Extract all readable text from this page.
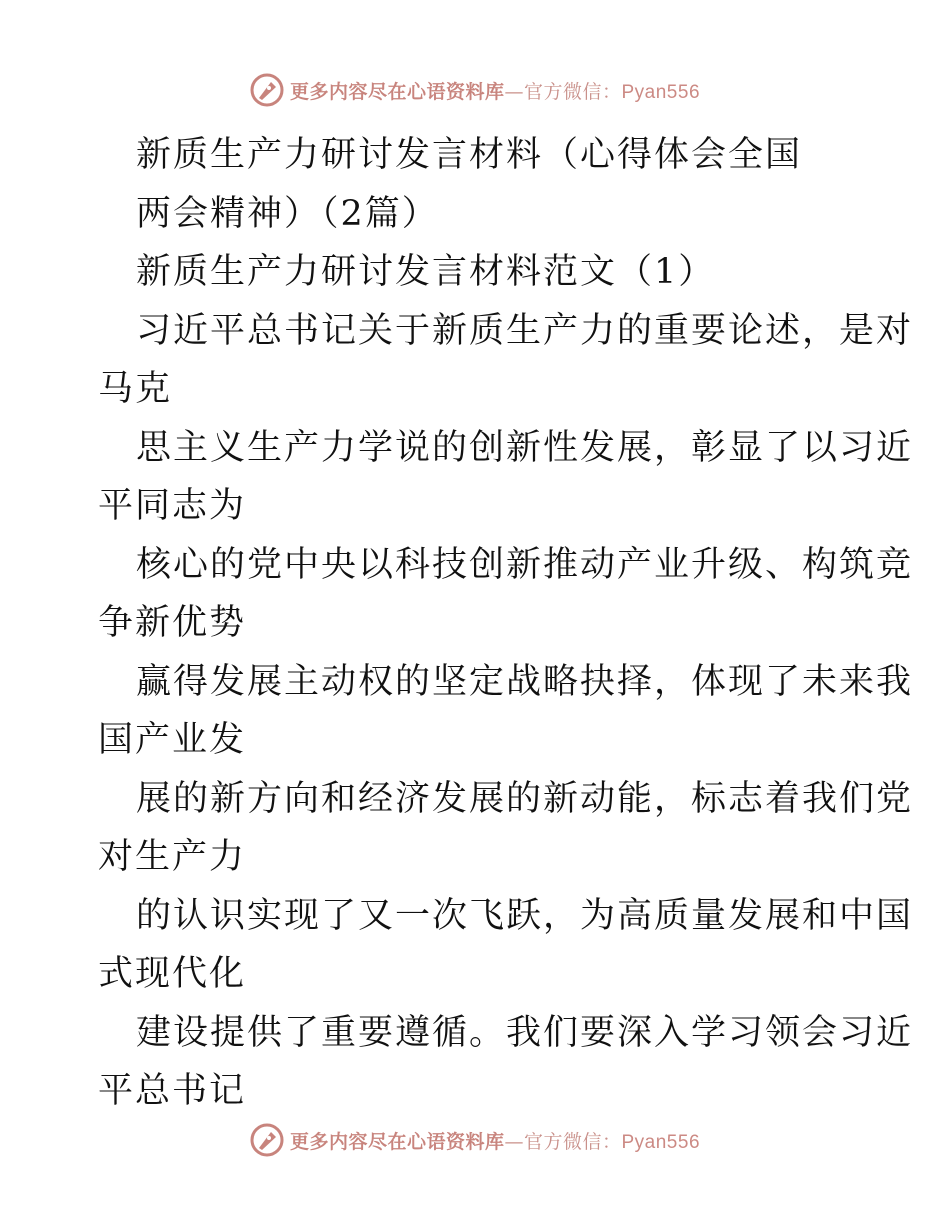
更多内容尽在心语资料库—官方微信：Pyan556
新质生产力研讨发言材料（心得体会全国
两会精神）（2篇）
新质生产力研讨发言材料范文（1）
习近平总书记关于新质生产力的重要论述，是对
马克
思主义生产力学说的创新性发展，彰显了以习近
平同志为
核心的党中央以科技创新推动产业升级、构筑竞
争新优势
赢得发展主动权的坚定战略抉择，体现了未来我
国产业发
展的新方向和经济发展的新动能，标志着我们党
对生产力
的认识实现了又一次飞跃，为高质量发展和中国
式现代化
建设提供了重要遵循。我们要深入学习领会习近
平总书记
更多内容尽在心语资料库—官方微信：Pyan556
